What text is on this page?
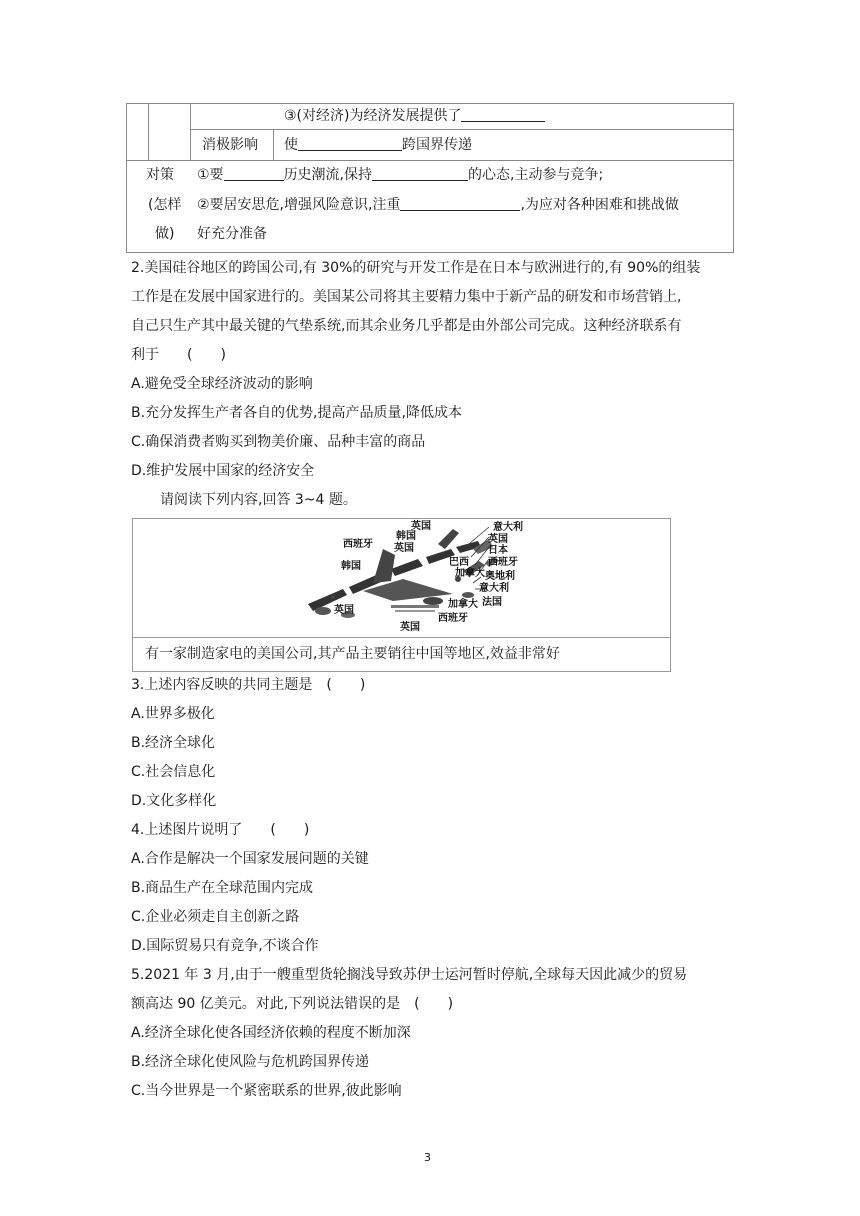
③(对经济)为经济发展提供了
消极影响 使	跨国界传递
对策
(怎样
做)
①要	历史潮流,保持	的心态,主动参与竞争;
②要居安思危,增强风险意识,注重	,为应对各种困难和挑战做
好充分准备
2.美国硅谷地区的跨国公司,有 30%的研究与开发工作是在日本与欧洲进行的,有 90%的组装
工作是在发展中国家进行的。美国某公司将其主要精力集中于新产品的研发和市场营销上,
自己只生产其中最关键的气垫系统,而其余业务几乎都是由外部公司完成。这种经济联系有
利于　　(　　)
A.避免受全球经济波动的影响
B.充分发挥生产者各自的优势,提高产品质量,降低成本
C.确保消费者购买到物美价廉、品种丰富的商品
D.维护发展中国家的经济安全
请阅读下列内容,回答 3~4 题。
英国
西班牙
韩国
英国
意大利
英国
日本
巴西 西班牙
韩国
加拿大 奥地利
意大利
加拿大 法国
英国
西班牙
英国
有一家制造家电的美国公司,其产品主要销往中国等地区,效益非常好
3.上述内容反映的共同主题是　(　　)
A.世界多极化
B.经济全球化
C.社会信息化
D.文化多样化
4.上述图片说明了　　(　　)
A.合作是解决一个国家发展问题的关键
B.商品生产在全球范围内完成
C.企业必须走自主创新之路
D.国际贸易只有竞争,不谈合作
5.2021 年 3 月,由于一艘重型货轮搁浅导致苏伊士运河暂时停航,全球每天因此减少的贸易
额高达 90 亿美元。对此,下列说法错误的是　(　　)
A.经济全球化使各国经济依赖的程度不断加深
B.经济全球化使风险与危机跨国界传递
C.当今世界是一个紧密联系的世界,彼此影响
3
